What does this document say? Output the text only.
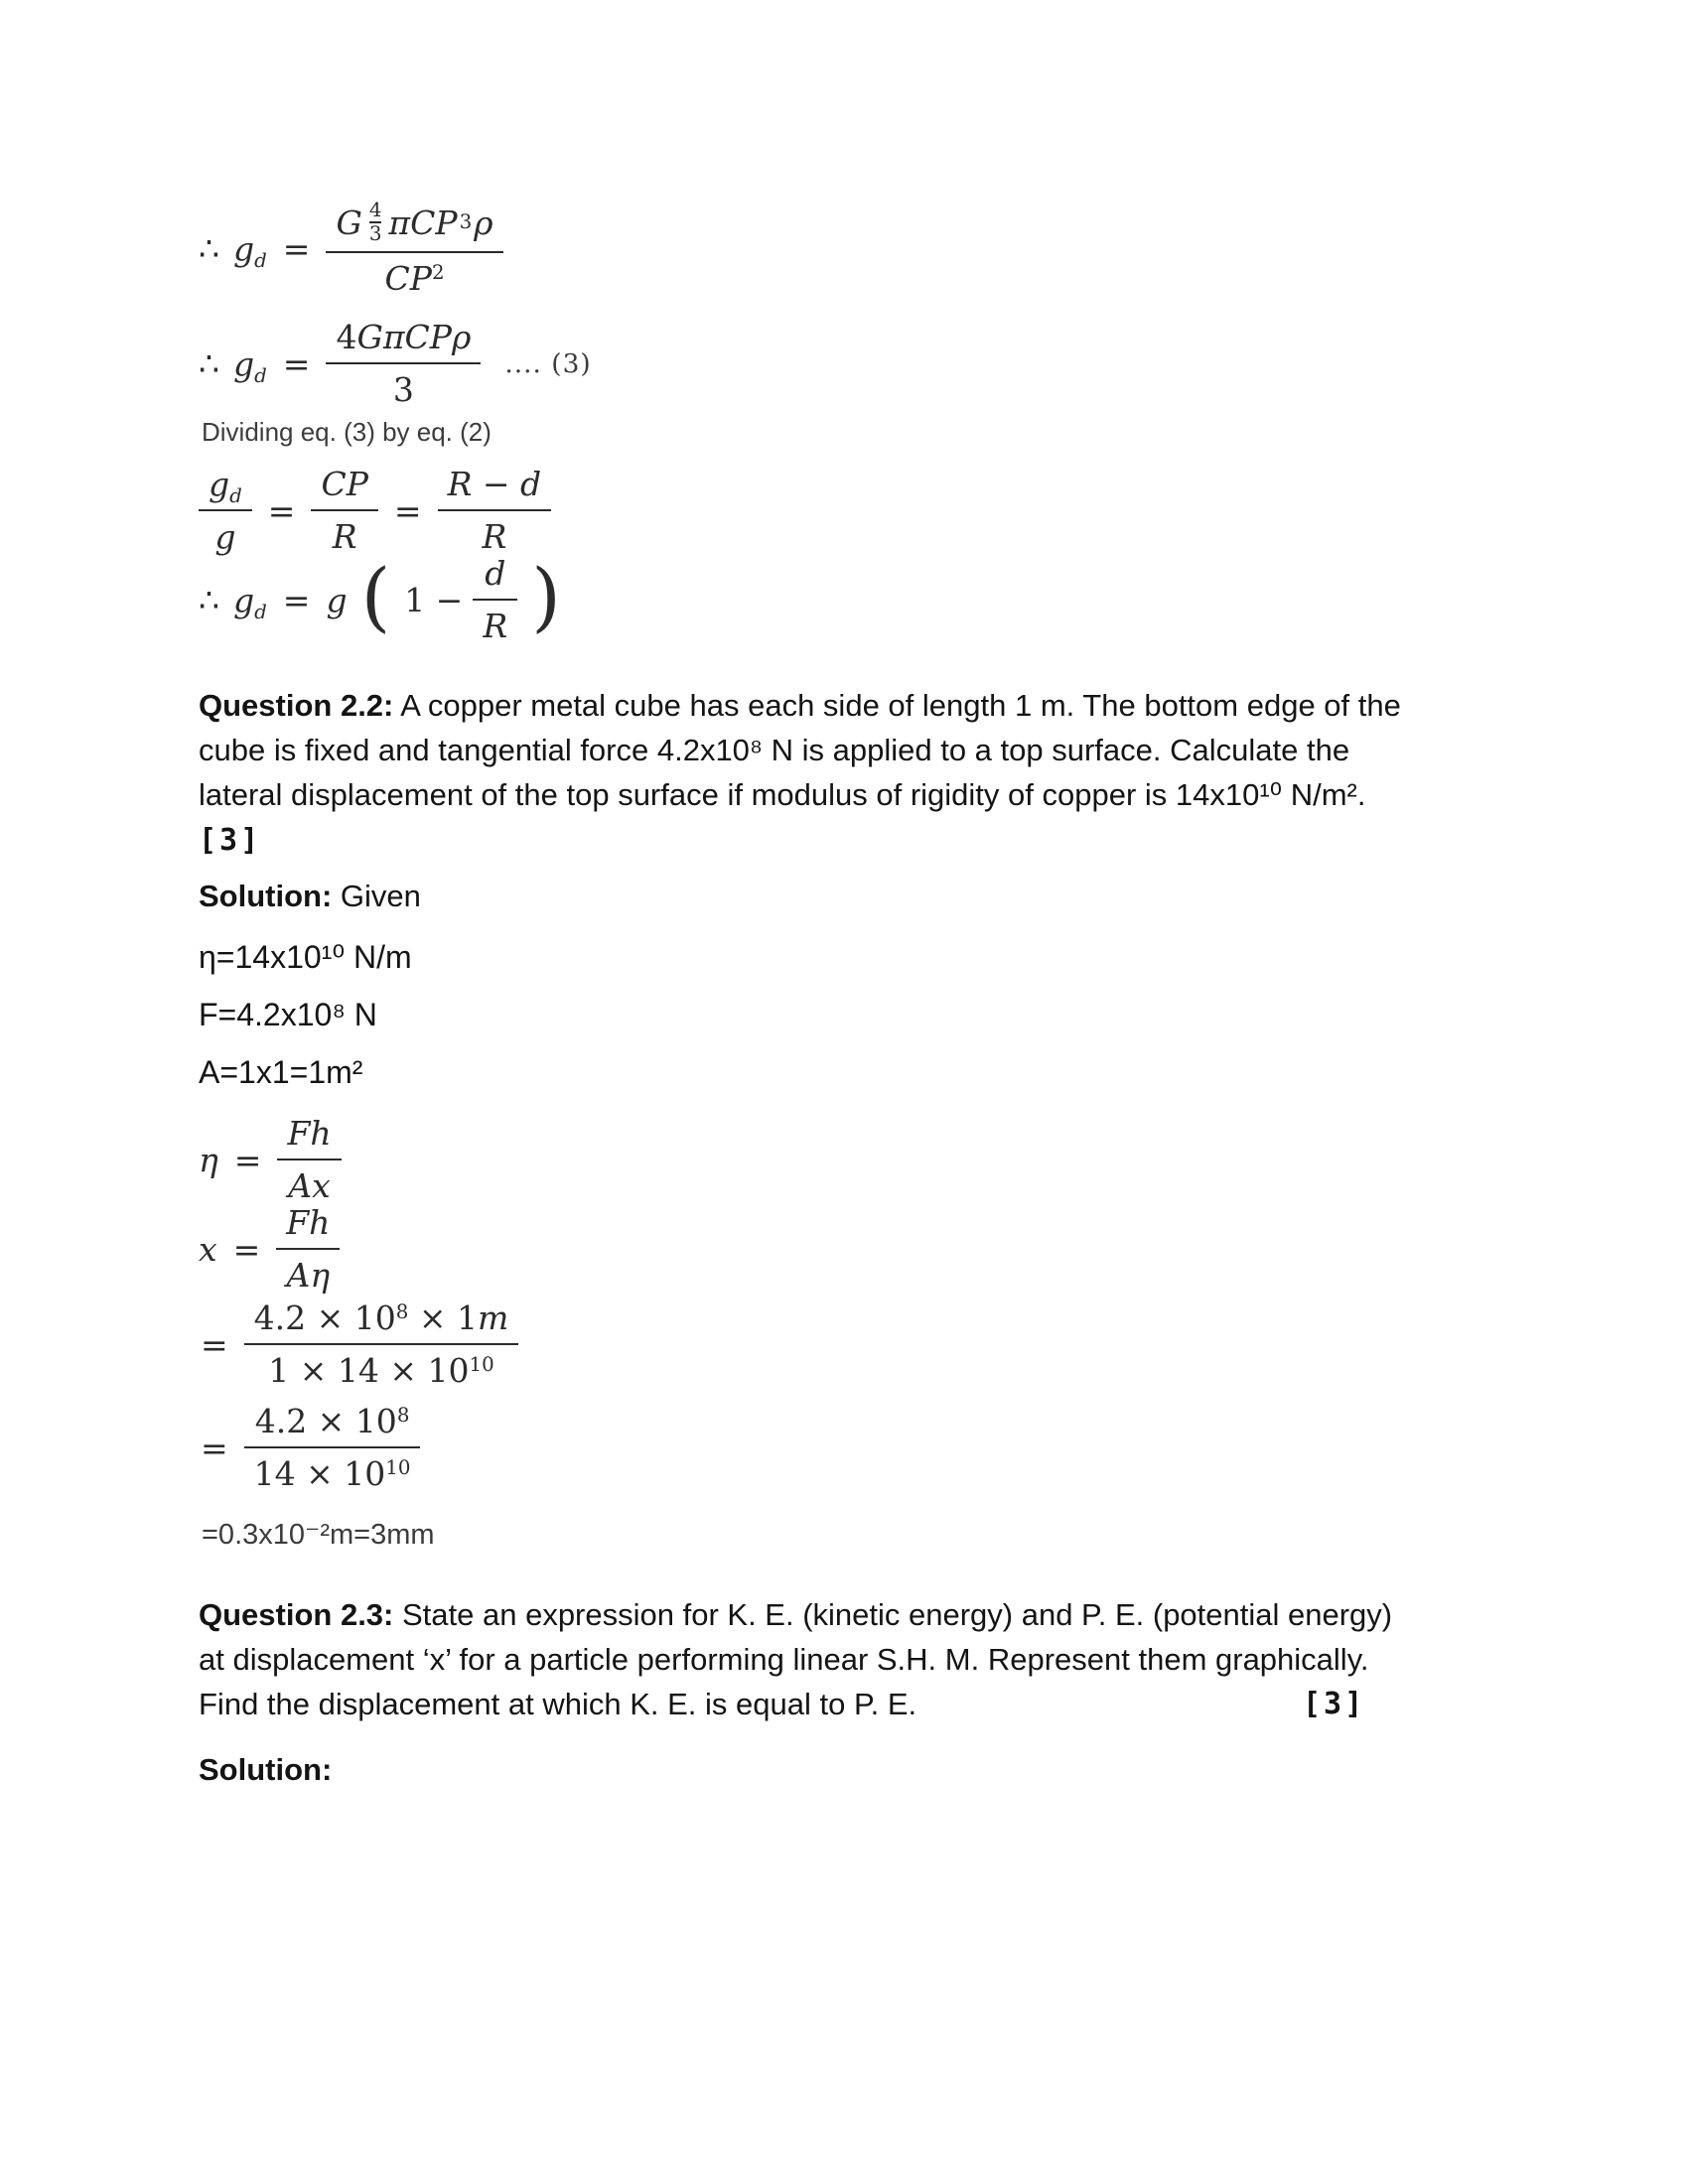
∴ $g_d = \frac{G \frac{4}{3} \pi CP 3 \rho}{CP^2}$
∴ $g_d = \frac{\text{4GπCPρ}}{3}$ .... (3)
Dividing eq. (3) by eq. (2)
$\frac{g_d}{g} = \frac{CP}{R} = \frac{R - d}{R}$
∴ $g_d = g$ ( $1 - \frac{d}{R}$ )
Question 2.2: A copper metal cube has each side of length 1 m. The bottom edge of the
cube is fixed and tangential force 4.2x10⁸ N is applied to a top surface. Calculate the
lateral displacement of the top surface if modulus of rigidity of copper is 14x10¹⁰ N/m².
[3]
Solution: Given
η=14x10¹⁰ N/m
F=4.2x10⁸ N
A=1x1=1m²
$\eta = \frac{Fh}{Ax}$
$x = \frac{Fh}{A\eta}$
= $\frac{4.2 \times 10^8 \times 1m}{1 \times 14 \times 10^{10}}$
= $\frac{4.2 \times 10^8}{14 \times 10^{10}}$
=0.3x10⁻²m=3mm
Question 2.3: State an expression for K. E. (kinetic energy) and P. E. (potential energy)
at displacement ‘x’ for a particle performing linear S.H. M. Represent them graphically.
Find the displacement at which K. E. is equal to P. E.	[3]
Solution:
